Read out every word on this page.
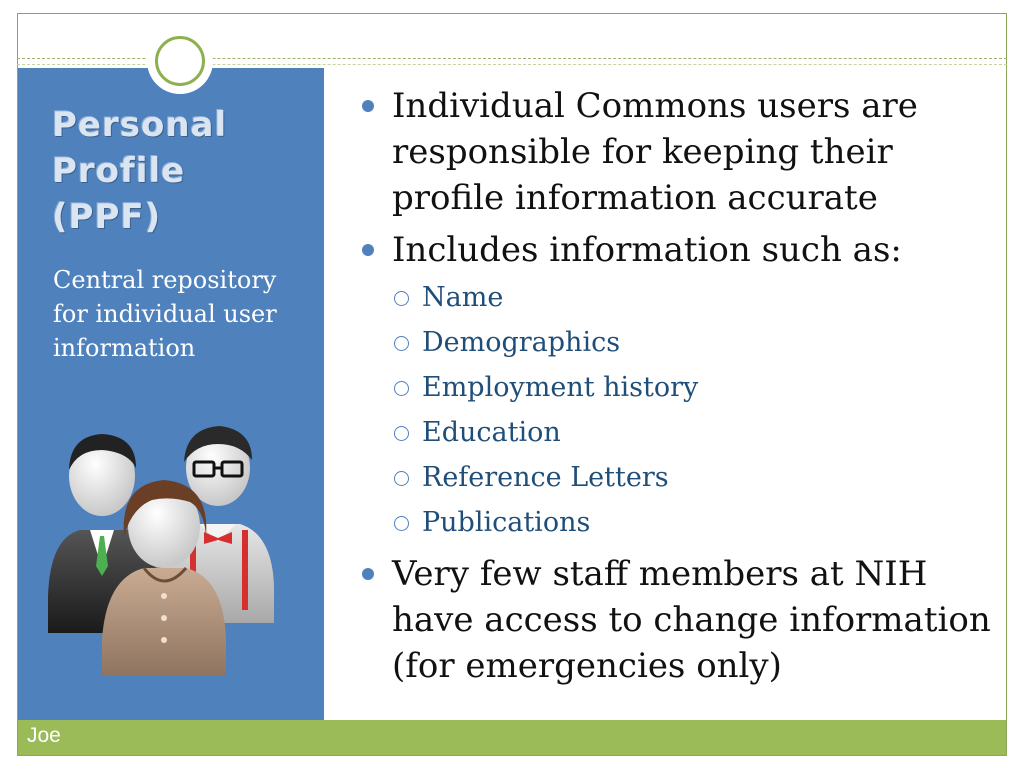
Personal
Profile
(PPF)
Central repository
for individual user
information
Individual Commons users are
responsible for keeping their
profile information accurate
Includes information such as:
Name
Demographics
Employment history
Education
Reference Letters
Publications
Very few staff members at NIH
have access to change information
(for emergencies only)
Joe
